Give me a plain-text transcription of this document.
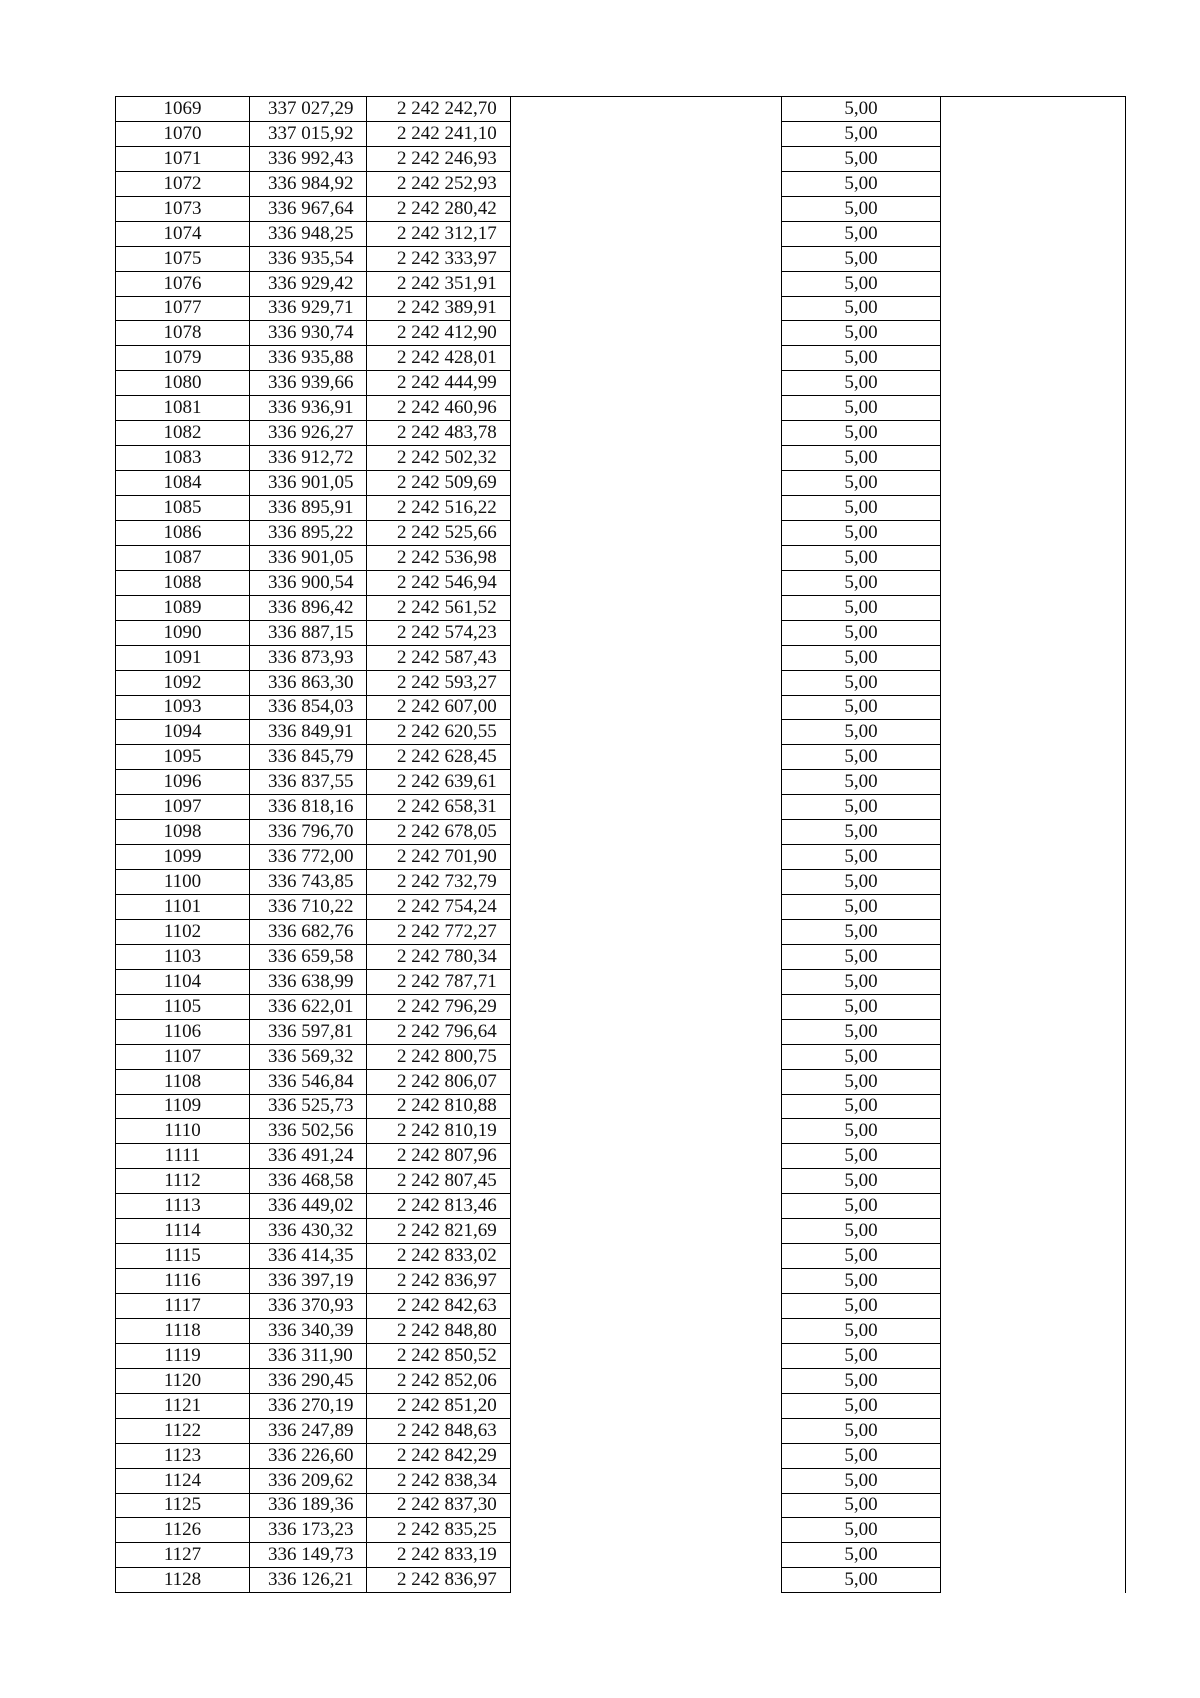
1069	337 027,29	2 242 242,70		5,00	
1070	337 015,92	2 242 241,10		5,00	
1071	336 992,43	2 242 246,93		5,00	
1072	336 984,92	2 242 252,93		5,00	
1073	336 967,64	2 242 280,42		5,00	
1074	336 948,25	2 242 312,17		5,00	
1075	336 935,54	2 242 333,97		5,00	
1076	336 929,42	2 242 351,91		5,00	
1077	336 929,71	2 242 389,91		5,00	
1078	336 930,74	2 242 412,90		5,00	
1079	336 935,88	2 242 428,01		5,00	
1080	336 939,66	2 242 444,99		5,00	
1081	336 936,91	2 242 460,96		5,00	
1082	336 926,27	2 242 483,78		5,00	
1083	336 912,72	2 242 502,32		5,00	
1084	336 901,05	2 242 509,69		5,00	
1085	336 895,91	2 242 516,22		5,00	
1086	336 895,22	2 242 525,66		5,00	
1087	336 901,05	2 242 536,98		5,00	
1088	336 900,54	2 242 546,94		5,00	
1089	336 896,42	2 242 561,52		5,00	
1090	336 887,15	2 242 574,23		5,00	
1091	336 873,93	2 242 587,43		5,00	
1092	336 863,30	2 242 593,27		5,00	
1093	336 854,03	2 242 607,00		5,00	
1094	336 849,91	2 242 620,55		5,00	
1095	336 845,79	2 242 628,45		5,00	
1096	336 837,55	2 242 639,61		5,00	
1097	336 818,16	2 242 658,31		5,00	
1098	336 796,70	2 242 678,05		5,00	
1099	336 772,00	2 242 701,90		5,00	
1100	336 743,85	2 242 732,79		5,00	
1101	336 710,22	2 242 754,24		5,00	
1102	336 682,76	2 242 772,27		5,00	
1103	336 659,58	2 242 780,34		5,00	
1104	336 638,99	2 242 787,71		5,00	
1105	336 622,01	2 242 796,29		5,00	
1106	336 597,81	2 242 796,64		5,00	
1107	336 569,32	2 242 800,75		5,00	
1108	336 546,84	2 242 806,07		5,00	
1109	336 525,73	2 242 810,88		5,00	
1110	336 502,56	2 242 810,19		5,00	
1111	336 491,24	2 242 807,96		5,00	
1112	336 468,58	2 242 807,45		5,00	
1113	336 449,02	2 242 813,46		5,00	
1114	336 430,32	2 242 821,69		5,00	
1115	336 414,35	2 242 833,02		5,00	
1116	336 397,19	2 242 836,97		5,00	
1117	336 370,93	2 242 842,63		5,00	
1118	336 340,39	2 242 848,80		5,00	
1119	336 311,90	2 242 850,52		5,00	
1120	336 290,45	2 242 852,06		5,00	
1121	336 270,19	2 242 851,20		5,00	
1122	336 247,89	2 242 848,63		5,00	
1123	336 226,60	2 242 842,29		5,00	
1124	336 209,62	2 242 838,34		5,00	
1125	336 189,36	2 242 837,30		5,00	
1126	336 173,23	2 242 835,25		5,00	
1127	336 149,73	2 242 833,19		5,00	
1128	336 126,21	2 242 836,97		5,00	
